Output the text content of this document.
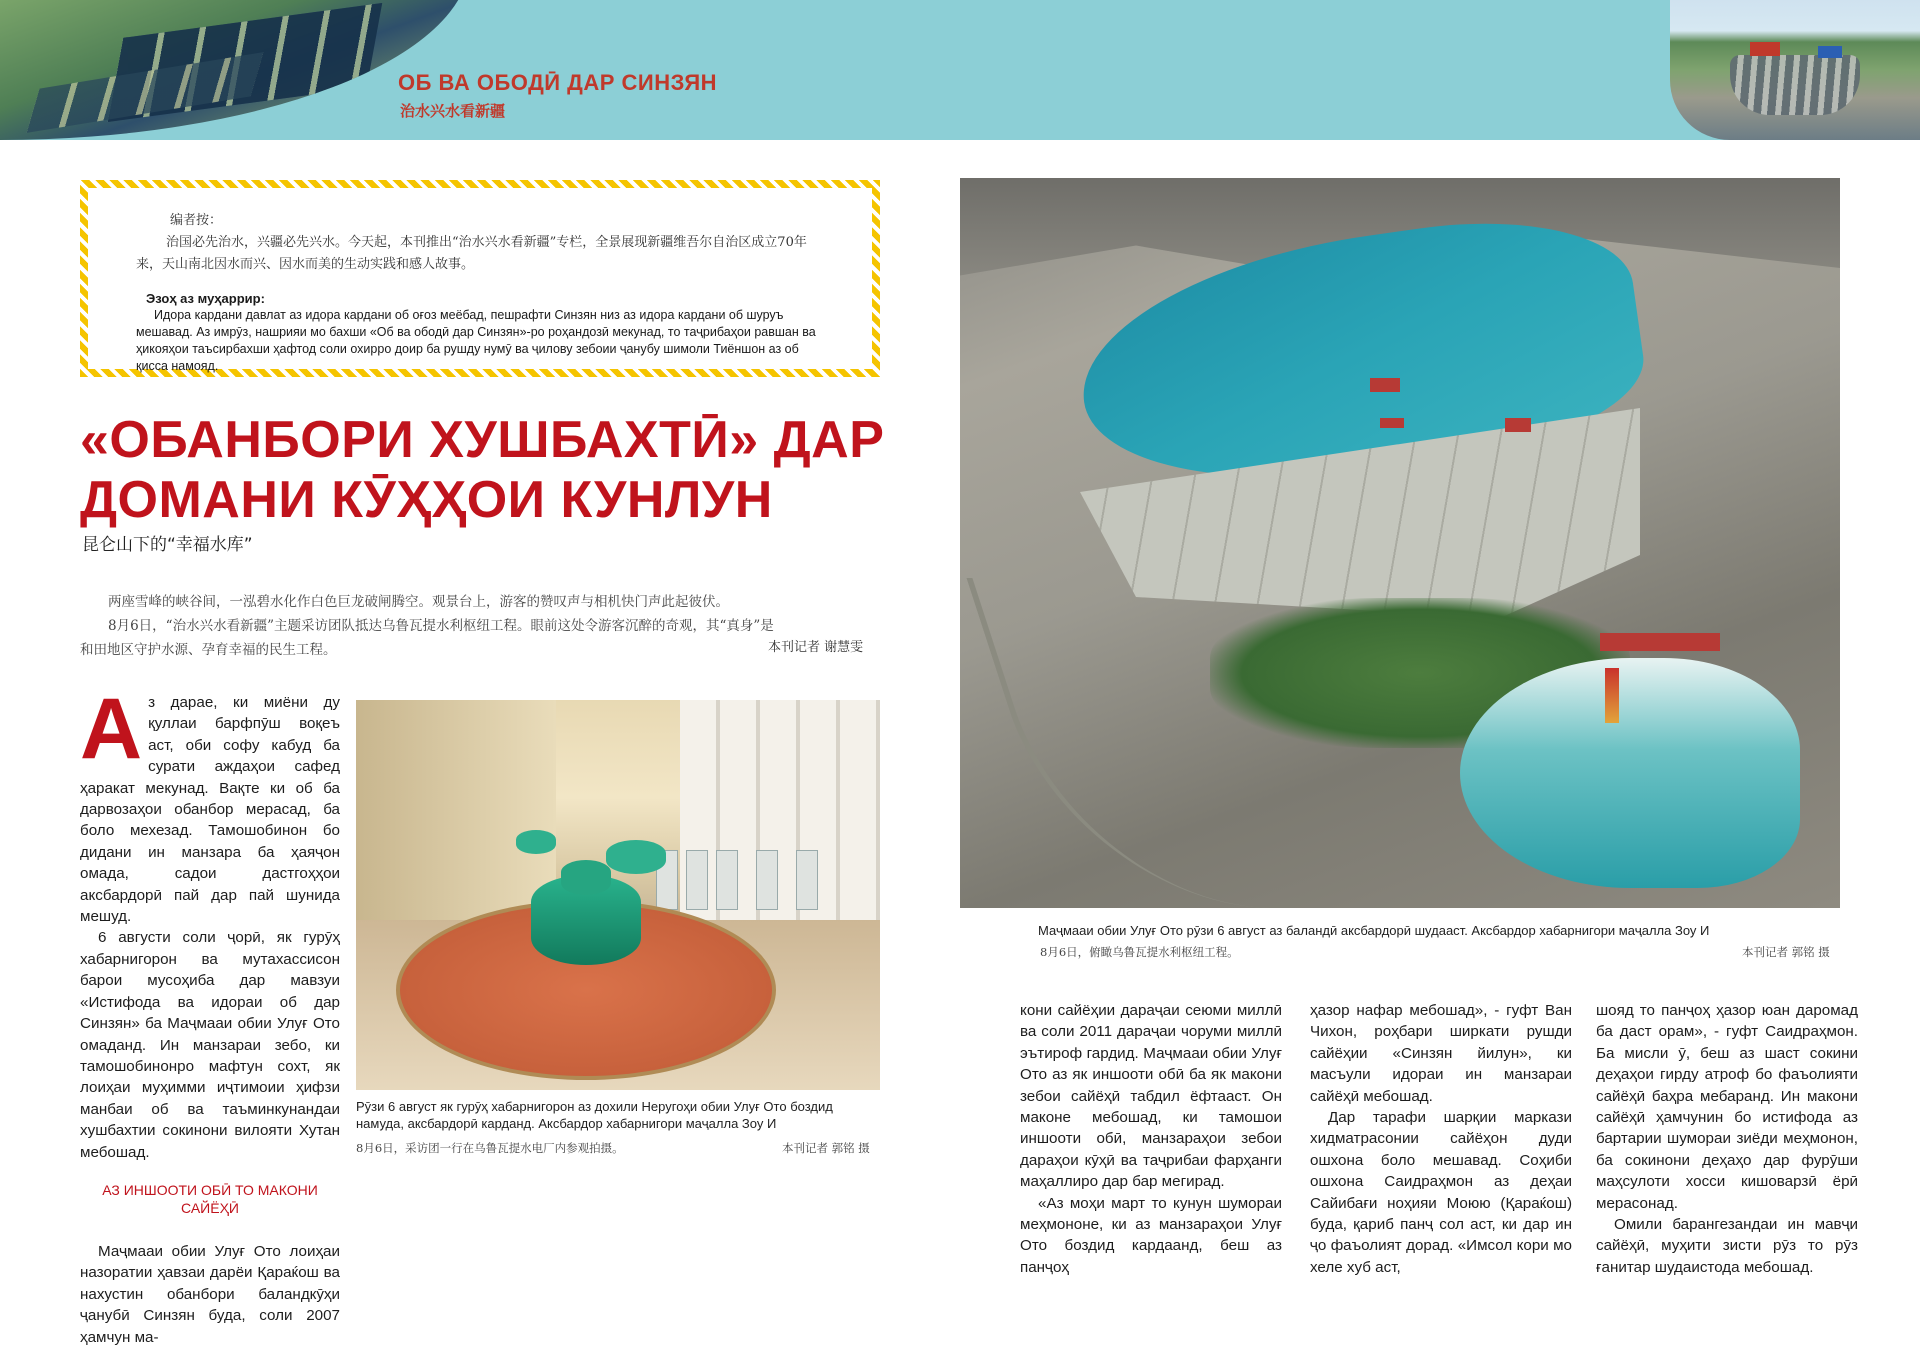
ОБ ВА ОБОДӢ ДАР СИНЗЯН
治水兴水看新疆
编者按：
治国必先治水，兴疆必先兴水。今天起，本刊推出“治水兴水看新疆”专栏，全景展现新疆维吾尔自治区成立70年来，天山南北因水而兴、因水而美的生动实践和感人故事。
Эзоҳ аз муҳаррир:
Идора кардани давлат аз идора кардани об оғоз меёбад, пешрафти Синзян низ аз идора кардани об шуруъ мешавад. Аз имрӯз, нашрияи мо бахши «Об ва ободӣ дар Синзян»-ро роҳандозӣ мекунад, то таҷрибаҳои равшан ва ҳикояҳои таъсирбахши ҳафтод соли охирро доир ба рушду нумӯ ва ҷилову зебоии ҷанубу шимоли Тиёншон аз об қисса намояд.
«ОБАНБОРИ ХУШБАХТӢ» ДАР ДОМАНИ КӮҲҲОИ КУНЛУН
昆仑山下的“幸福水库”

两座雪峰的峡谷间，一泓碧水化作白色巨龙破闸腾空。观景台上，游客的赞叹声与相机快门声此起彼伏。

8月6日，“治水兴水看新疆”主题采访团队抵达乌鲁瓦提水利枢纽工程。眼前这处令游客沉醉的奇观，其“真身”是和田地区守护水源、孕育幸福的民生工程。	本刊记者 谢慧雯

Аз дарае, ки миёни ду қуллаи барфпӯш воқеъ аст, оби софу кабуд ба сурати аждаҳои сафед ҳаракат мекунад. Вақте ки об ба дарвозаҳои обанбор мерасад, ба боло мехезад. Тамошобинон бо дидани ин манзара ба ҳаяҷон омада, садои дастгоҳҳои аксбардорӣ пай дар пай шунида мешуд.

6 августи соли ҷорӣ, як гурӯҳ хабарнигорон ва мутахассисон барои мусоҳиба дар мавзуи «Истифода ва идораи об дар Синзян» ба Маҷмааи обии Улуғ Ото омаданд. Ин манзараи зебо, ки тамошобинонро мафтун сохт, як лоиҳаи муҳимми иҷтимоии ҳифзи манбаи об ва таъминкунандаи хушбахтии сокинони вилояти Хутан мебошад.

АЗ ИНШООТИ ОБӢ ТО МАКОНИ САЙЁҲӢ

Маҷмааи обии Улуғ Ото лоиҳаи назоратии ҳавзаи дарёи Қараќош ва нахустин обанбори баландкӯҳи ҷанубӣ Синзян буда, соли 2007 ҳамчун ма-

Рӯзи 6 август як гурӯҳ хабарнигорон аз дохили Неругоҳи обии Улуғ Ото боздид намуда, аксбардорӣ карданд. Аксбардор хабарнигори маҷалла Зоу И
8月6日，采访团一行在乌鲁瓦提水电厂内参观拍摄。	本刊记者 郭铭 摄
Маҷмааи обии Улуғ Ото рӯзи 6 август аз баландӣ аксбардорӣ шудааст. Аксбардор хабарнигори маҷалла Зоу И
8月6日，俯瞰乌鲁瓦提水利枢纽工程。	本刊记者 郭铭 摄

кони сайёҳии дараҷаи сеюми миллӣ ва соли 2011 дараҷаи чоруми миллӣ эътироф гардид. Маҷмааи обии Улуғ Ото аз як иншооти обӣ ба як макони зебои сайёҳӣ табдил ёфтааст. Он маконе мебошад, ки тамошои иншооти обӣ, манзараҳои зебои дараҳои кӯҳӣ ва таҷрибаи фарҳанги маҳаллиро дар бар мегирад.

«Аз моҳи март то кунун шумораи меҳмононе, ки аз манзараҳои Улуғ Ото боздид кардаанд, беш аз панҷоҳ

ҳазор нафар мебошад», - гуфт Ван Чихон, роҳбари ширкати рушди сайёҳии «Синзян йилун», ки масъули идораи ин манзараи сайёҳӣ мебошад.

Дар тарафи шарқии маркази хидматрасонии сайёҳон дуди ошхона боло мешавад. Соҳиби ошхона Саидраҳмон аз деҳаи Сайибағи ноҳияи Моюю (Қараќош) буда, қариб панҷ сол аст, ки дар ин ҷо фаъолият дорад. «Имсол кори мо хеле хуб аст,

шояд то панҷоҳ ҳазор юан даромад ба даст орам», - гуфт Саидраҳмон. Ба мисли ӯ, беш аз шаст сокини деҳаҳои гирду атроф бо фаъолияти сайёҳӣ баҳра мебаранд. Ин макони сайёҳӣ ҳамчунин бо истифода аз бартарии шумораи зиёди меҳмонон, ба сокинони деҳаҳо дар фурӯши маҳсулоти хосси кишоварзӣ ёрӣ мерасонад.

Омили барангезандаи ин мавҷи сайёҳӣ, муҳити зисти рӯз то рӯз ғанитар шудаистода мебошад.
